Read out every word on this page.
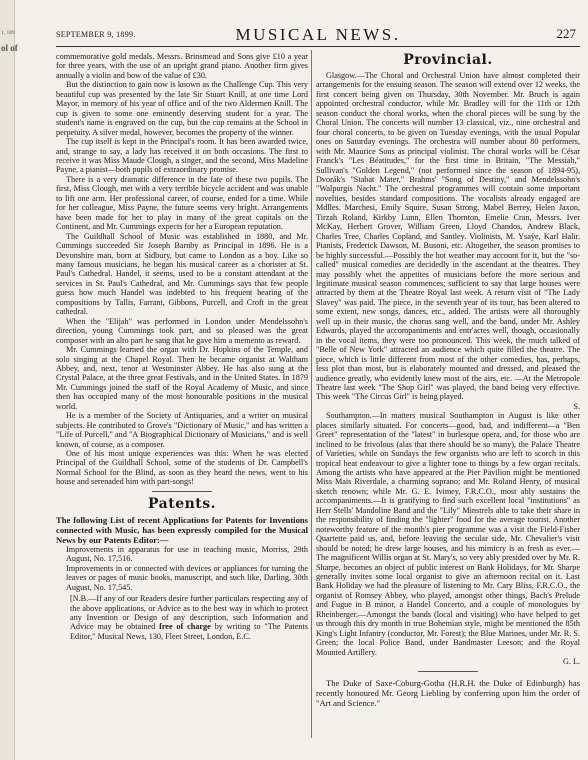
1, 189
ol of
SEPTEMBER 9, 1899.	MUSICAL NEWS.	227

commemorative gold medals. Messrs. Brinsmead and Sons give £10 a year for three years, with the use of an upright grand piano. Another firm gives annually a violin and bow of the value of £30.

But the distinction to gain now is known as the Challenge Cup. This very beautiful cup was presented by the late Sir Stuart Knill, at one time Lord Mayor, in memory of his year of office and of the two Aldermen Knill. The cup is given to some one eminently deserving student for a year. The student's name is engraved on the cup, but the cup remains at the School in perpetuity. A silver medal, however, becomes the property of the winner.

The cup itself is kept in the Principal's room. It has been awarded twice, and, strange to say, a lady has received it on both occasions. The first to receive it was Miss Maude Clough, a singer, and the second, Miss Madeline Payne, a pianist—both pupils of extraordinary promise.

There is a very dramatic difference in the fate of these two pupils. The first, Miss Clough, met with a very terrible bicycle accident and was unable to lift one arm. Her professional career, of course, ended for a time. While for her colleague, Miss Payne, the future seems very bright. Arrangements have been made for her to play in many of the great capitals on the Continent, and Mr. Cummings expects for her a European reputation.

The Guildhall School of Music was established in 1880, and Mr. Cummings succeeded Sir Joseph Barnby as Principal in 1896. He is a Devonshire man, born at Sidbury, but came to London as a boy. Like so many famous musicians, he began his musical career as a chorister at St. Paul's Cathedral. Handel, it seems, used to be a constant attendant at the services in St. Paul's Cathedral, and Mr. Cummings says that few people guess how much Handel was indebted to his frequent hearing of the compositions by Tallis, Farrant, Gibbons, Purcell, and Croft in the great cathedral.

When the "Elijah" was performed in London under Mendelssohn's direction, young Cummings took part, and so pleased was the great composer with an alto part he sang that he gave him a memento as reward.

Mr. Cummings learned the organ with Dr. Hopkins of the Temple, and solo singing at the Chapel Royal. Then he became organist at Waltham Abbey, and, next, tenor at Westminster Abbey. He has also sung at the Crystal Palace, at the three great Festivals, and in the United States. In 1879 Mr. Cummings joined the staff of the Royal Academy of Music, and since then has occupied many of the most honourable positions in the musical world.

He is a member of the Society of Antiquaries, and a writer on musical subjects. He contributed to Grove's "Dictionary of Music," and has written a "Life of Purcell," and "A Biographical Dictionary of Musicians," and is well known, of course, as a composer.

One of his most unique experiences was this: When he was elected Principal of the Guildhall School, some of the students of Dr. Campbell's Normal School for the Blind, as soon as they heard the news, went to his house and serenaded him with part-songs!

Patents.

The following List of recent Applications for Patents for Inventions connected with Music, has been expressly compiled for the Musical News by our Patents Editor:—

Improvements in apparatus for use in teaching music, Morriss, 29th August, No. 17,516.

Improvements in or connected with devices or appliances for turning the leaves or pages of music books, manuscript, and such like, Darling, 30th August, No. 17,545.

[N.B.—If any of our Readers desire further particulars respecting any of the above applications, or Advice as to the best way in which to protect any Invention or Design of any description, such Information and Advice may be obtained free of charge by writing to "The Patents Editor," Musical News, 130, Fleet Street, London, E.C.

Provincial.

Glasgow.—The Choral and Orchestral Union have almost completed their arrangements for the ensuing season. The season will extend over 12 weeks, the first concert being given on Thursday, 30th November. Mr. Bruch is again appointed orchestral conductor, while Mr. Bradley will for the 11th or 12th season conduct the choral works, when the choral pieces will be sung by the Choral Union. The concerts will number 13 classical, viz., nine orchestral and four choral concerts, to be given on Tuesday evenings, with the usual Popular ones on Saturday evenings. The orchestra will number about 80 performers, with Mr. Maurice Sons as principal violinist. The choral works will be César Franck's "Les Béatitudes," for the first time in Britain, "The Messiah," Sullivan's "Golden Legend," (not performed since the season of 1894-95), Dvorák's "Stabat Mater," Brahms' "Song of Destiny," and Mendelssohn's "Walpurgis Nacht." The orchestral programmes will contain some important novelties, besides standard compositions. The vocalists already engaged are Mdlles. Marchesi, Emily Squire, Susan Strong, Mabel Berrey, Helen Jaxon, Tirzah Roland, Kirkby Lunn, Ellen Thornton, Emelie Cran, Messrs. Iver McKay, Herbert Grover, William Green, Lloyd Chandos, Andrew Black, Charles Tree, Charles Copland, and Santley. Violinists, M. Ysaÿe, Karl Halir. Pianists, Frederick Dawson, M. Busoni, etc. Altogether, the season promises to be highly successful.—Possibly the hot weather may account for it, but the "so-called" musical comedies are decidedly in the ascendant at the theatres. They may possibly whet the appetites of musicians before the more serious and legitimate musical season commences; sufficient to say that large houses were attracted by them at the Theatre Royal last week. A return visit of "The Lady Slavey" was paid. The piece, in the seventh year of its tour, has been altered to some extent, new songs, dances, etc., added. The artists were all thoroughly well up in their music, the chorus sang well, and the band, under Mr. Ashley Edwards, played the accompaniments and entr'actes well, though, occasionally in the vocal items, they were too pronounced. This week, the much talked of "Belle of New York" attracted an audience which quite filled the theatre. The piece, which is little different from most of the other comedies, has, perhaps, less plot than most, but is elaborately mounted and dressed, and pleased the audience greatly, who evidently knew most of the airs, etc. —At the Metropole Theatre last week "The Shop Girl" was played, the band being very effective. This week "The Circus Girl" is being played.

S.

Southampton.—In matters musical Southampton in August is like other places similarly situated. For concerts—good, bad, and indifferent—a "Ben Greet" representation of the "latest" in burlesque opera, and, for those who are inclined to be frivolous (alas that there should be so many), the Palace Theatre of Varieties, while on Sundays the few organists who are left to scorch in this tropical heat endeavour to give a lighter tone to things by a few organ recitals. Among the artists who have appeared at the Pier Pavilion might be mentioned Miss Mais Riverdale, a charming soprano; and Mr. Roland Henry, of musical sketch renown; while Mr. G. E. Ivimey, F.R.C.O., most ably sustains the accompaniments.—It is gratifying to find such excellent local "institutions" as Herr Stells' Mandoline Band and the "Lily" Minstrels able to take their share in the responsibility of finding the "lighter" food for the average tourist. Another noteworthy feature of the month's pier programme was a visit the Field-Fisher Quartette paid us, and, before leaving the secular side, Mr. Chevalier's visit should be noted; he drew large houses, and his mimicry is as fresh as ever.—The magnificent Willis organ at St. Mary's, so very ably presided over by Mr. R. Sharpe, becomes an object of public interest on Bank Holidays, for Mr. Sharpe generally invites some local organist to give an afternoon recital on it. Last Bank Holiday we had the pleasure of listening to Mr. Cary Bliss, F.R.C.O., the organist of Romsey Abbey, who played, amongst other things, Bach's Prelude and Fugue in B minor, a Handel Concerto, and a couple of monologues by Rheinberger.—Amongst the bands (local and visiting) who have helped to get us through this dry month in true Bohemian style, might be mentioned the 85th King's Light Infantry (conductor, Mr. Forest); the Blue Marines, under Mr. R. S. Green; the local Police Band, under Bandmaster Leeson; and the Royal Mounted Artillery.

G. L.

The Duke of Saxe-Coburg-Gotha (H.R.H. the Duke of Edinburgh) has recently honoured Mr. Georg Liebling by conferring upon him the order of "Art and Science."
